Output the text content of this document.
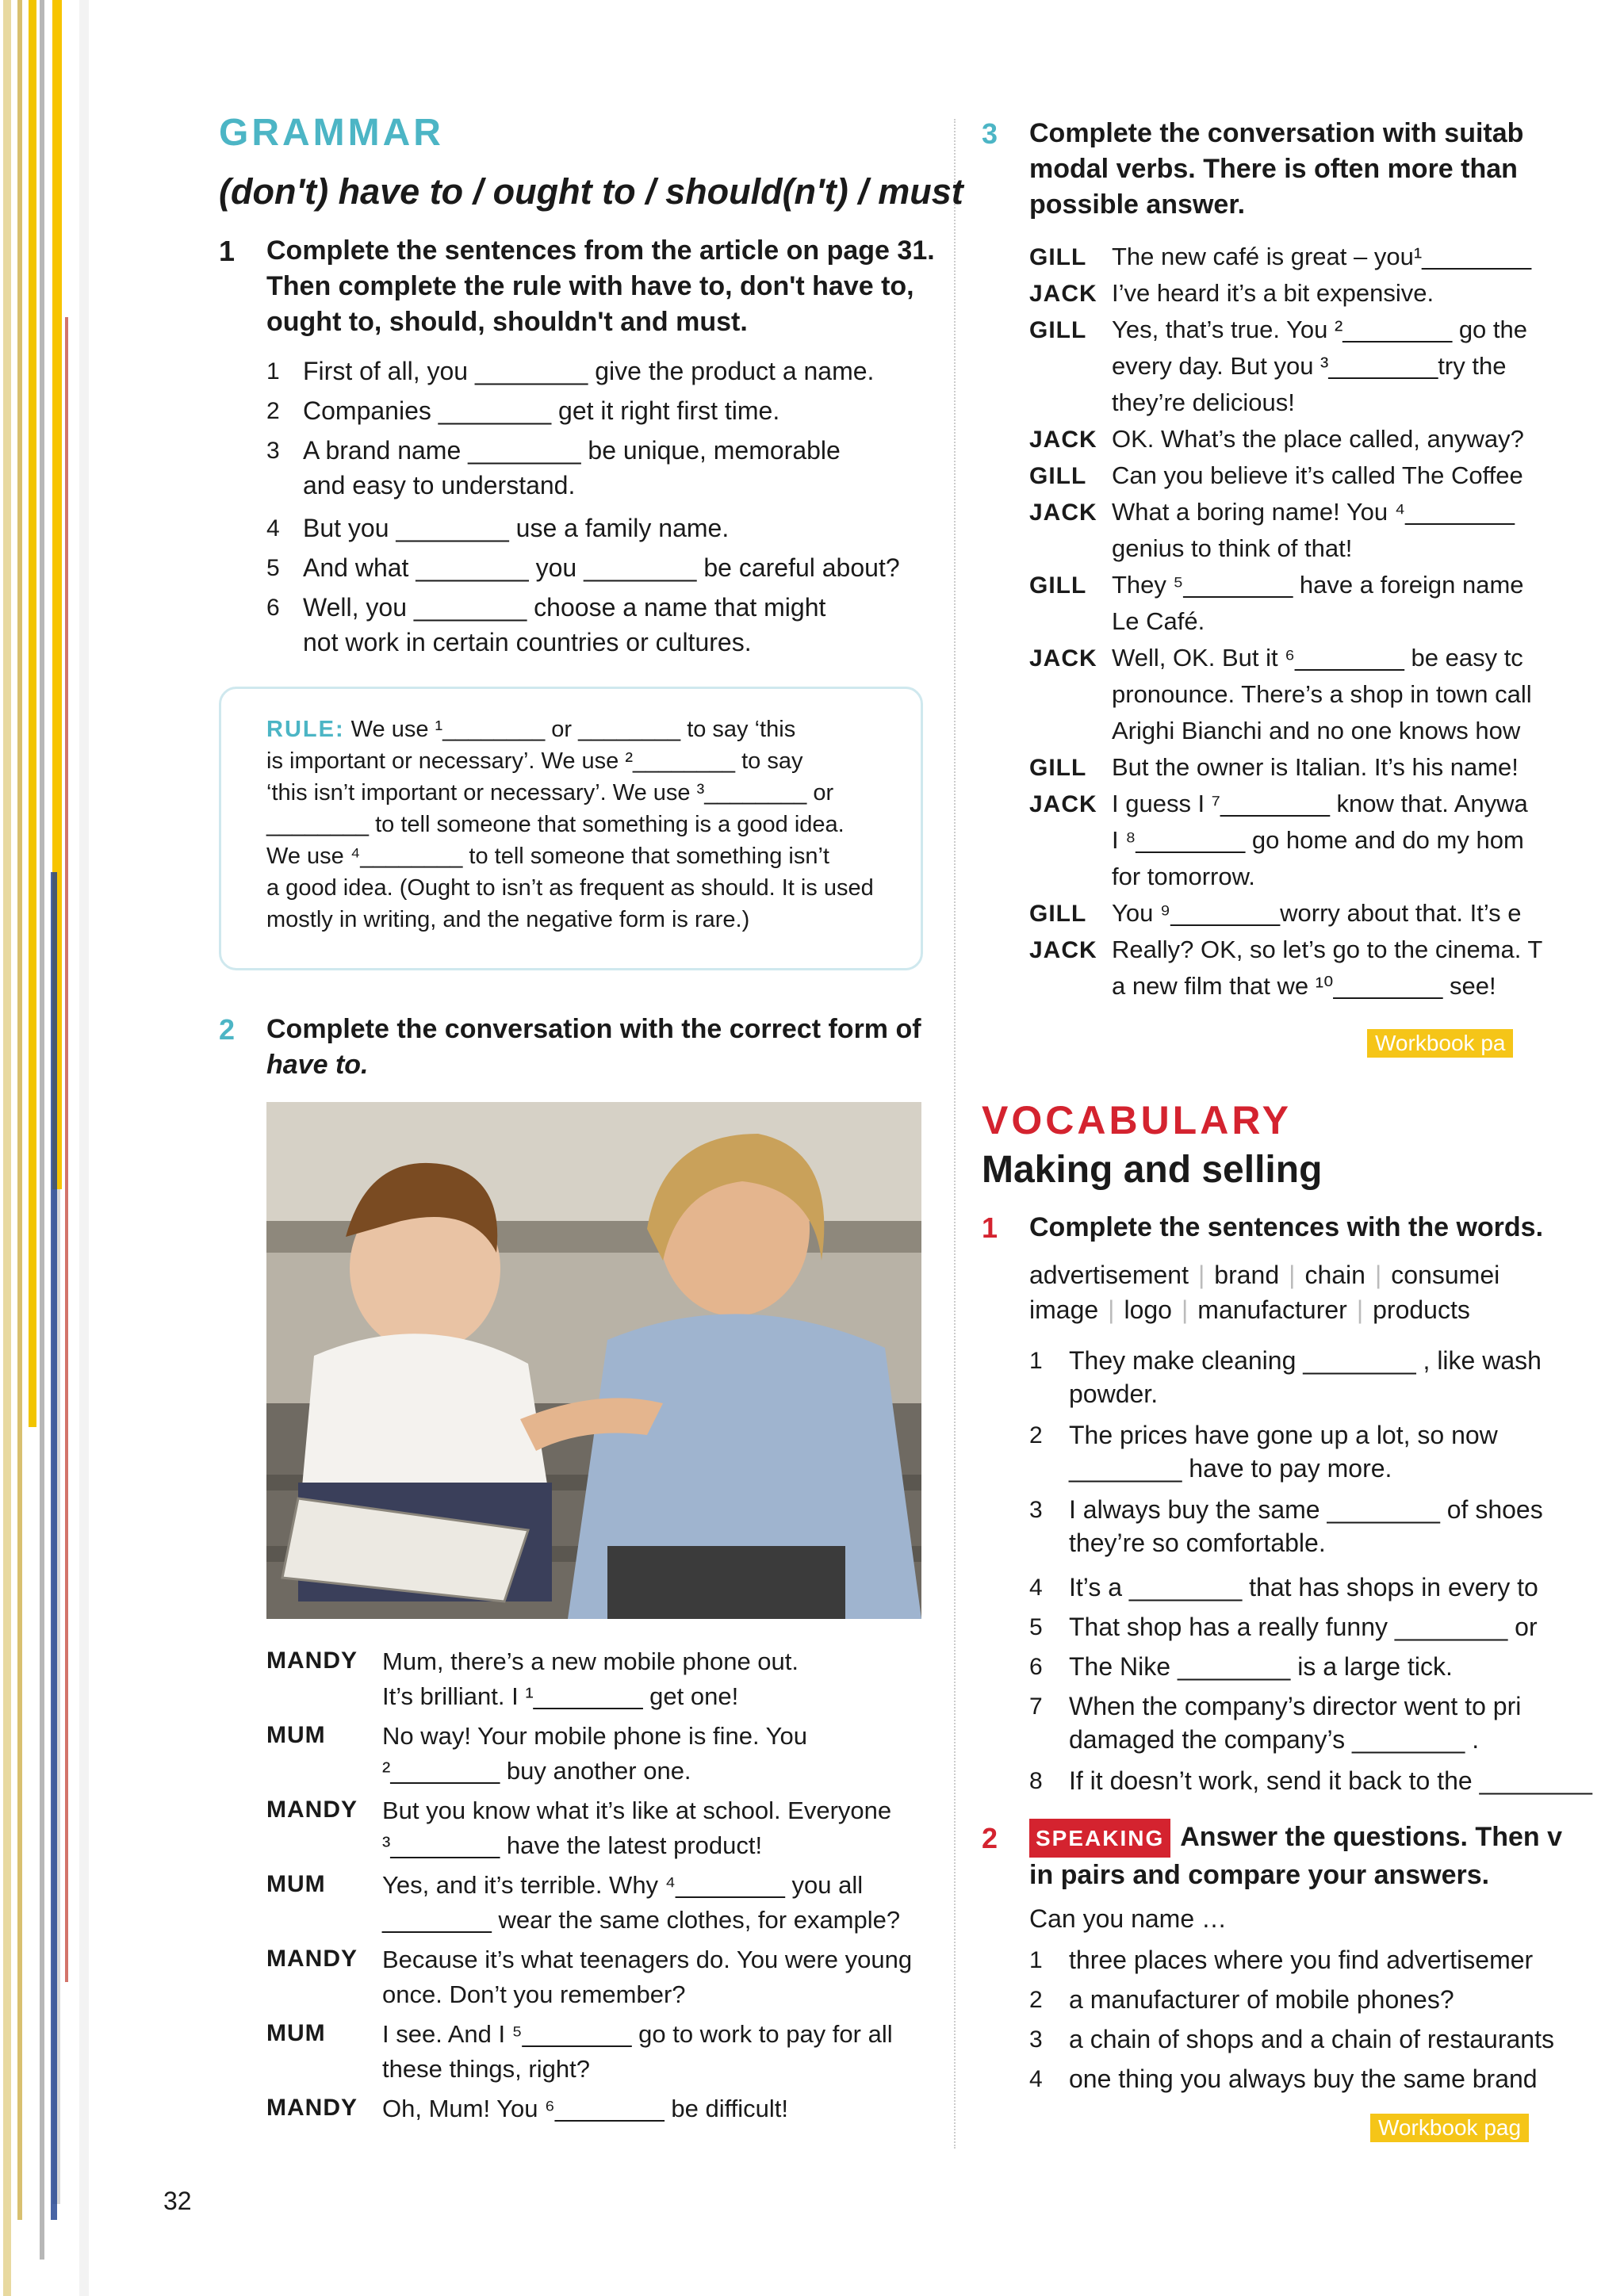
GRAMMAR
(don't) have to / ought to / should(n't) / must
1 Complete the sentences from the article on page 31.
Then complete the rule with have to, don't have to,
ought to, should, shouldn't and must.
1 First of all, you ________ give the product a name.
2 Companies ________ get it right first time.
3 A brand name ________ be unique, memorable
and easy to understand.
4 But you ________ use a family name.
5 And what ________ you ________ be careful about?
6 Well, you ________ choose a name that might
not work in certain countries or cultures.
RULE: We use ¹________ or ________ to say ‘this
is important or necessary’. We use ²________ to say
‘this isn’t important or necessary’. We use ³________ or
________ to tell someone that something is a good idea.
We use ⁴________ to tell someone that something isn’t
a good idea. (Ought to isn’t as frequent as should. It is used
mostly in writing, and the negative form is rare.)
2 Complete the conversation with the correct form of
have to.
MANDY Mum, there’s a new mobile phone out.
It’s brilliant. I ¹________ get one!
MUM No way! Your mobile phone is fine. You
²________ buy another one.
MANDY But you know what it’s like at school. Everyone
³________ have the latest product!
MUM Yes, and it’s terrible. Why ⁴________ you all
________ wear the same clothes, for example?
MANDY Because it’s what teenagers do. You were young
once. Don’t you remember?
MUM I see. And I ⁵________ go to work to pay for all
these things, right?
MANDY Oh, Mum! You ⁶________ be difficult!
32
3 Complete the conversation with suitab
modal verbs. There is often more than
possible answer.
GILL The new café is great – you¹________
JACK I’ve heard it’s a bit expensive.
GILL Yes, that’s true. You ²________ go the
every day. But you ³________try the
they’re delicious!
JACK OK. What’s the place called, anyway?
GILL Can you believe it’s called The Coffee
JACK What a boring name! You ⁴________
genius to think of that!
GILL They ⁵________ have a foreign name
Le Café.
JACK Well, OK. But it ⁶________ be easy tc
pronounce. There’s a shop in town call
Arighi Bianchi and no one knows how
GILL But the owner is Italian. It’s his name!
JACK I guess I ⁷________ know that. Anywa
I ⁸________ go home and do my hom
for tomorrow.
GILL You ⁹________worry about that. It’s e
JACK Really? OK, so let’s go to the cinema. T
a new film that we ¹⁰________ see!
Workbook pa
VOCABULARY
Making and selling
1 Complete the sentences with the words.
advertisement | brand | chain | consumei
image | logo | manufacturer | products
1 They make cleaning ________ , like wash
powder.
2 The prices have gone up a lot, so now
________ have to pay more.
3 I always buy the same ________ of shoes
they’re so comfortable.
4 It’s a ________ that has shops in every to
5 That shop has a really funny ________ or
6 The Nike ________ is a large tick.
7 When the company’s director went to pri
damaged the company’s ________ .
8 If it doesn’t work, send it back to the ________
2 SPEAKING Answer the questions. Then v
in pairs and compare your answers.
Can you name …
1 three places where you find advertisemer
2 a manufacturer of mobile phones?
3 a chain of shops and a chain of restaurants
4 one thing you always buy the same brand
Workbook pag
